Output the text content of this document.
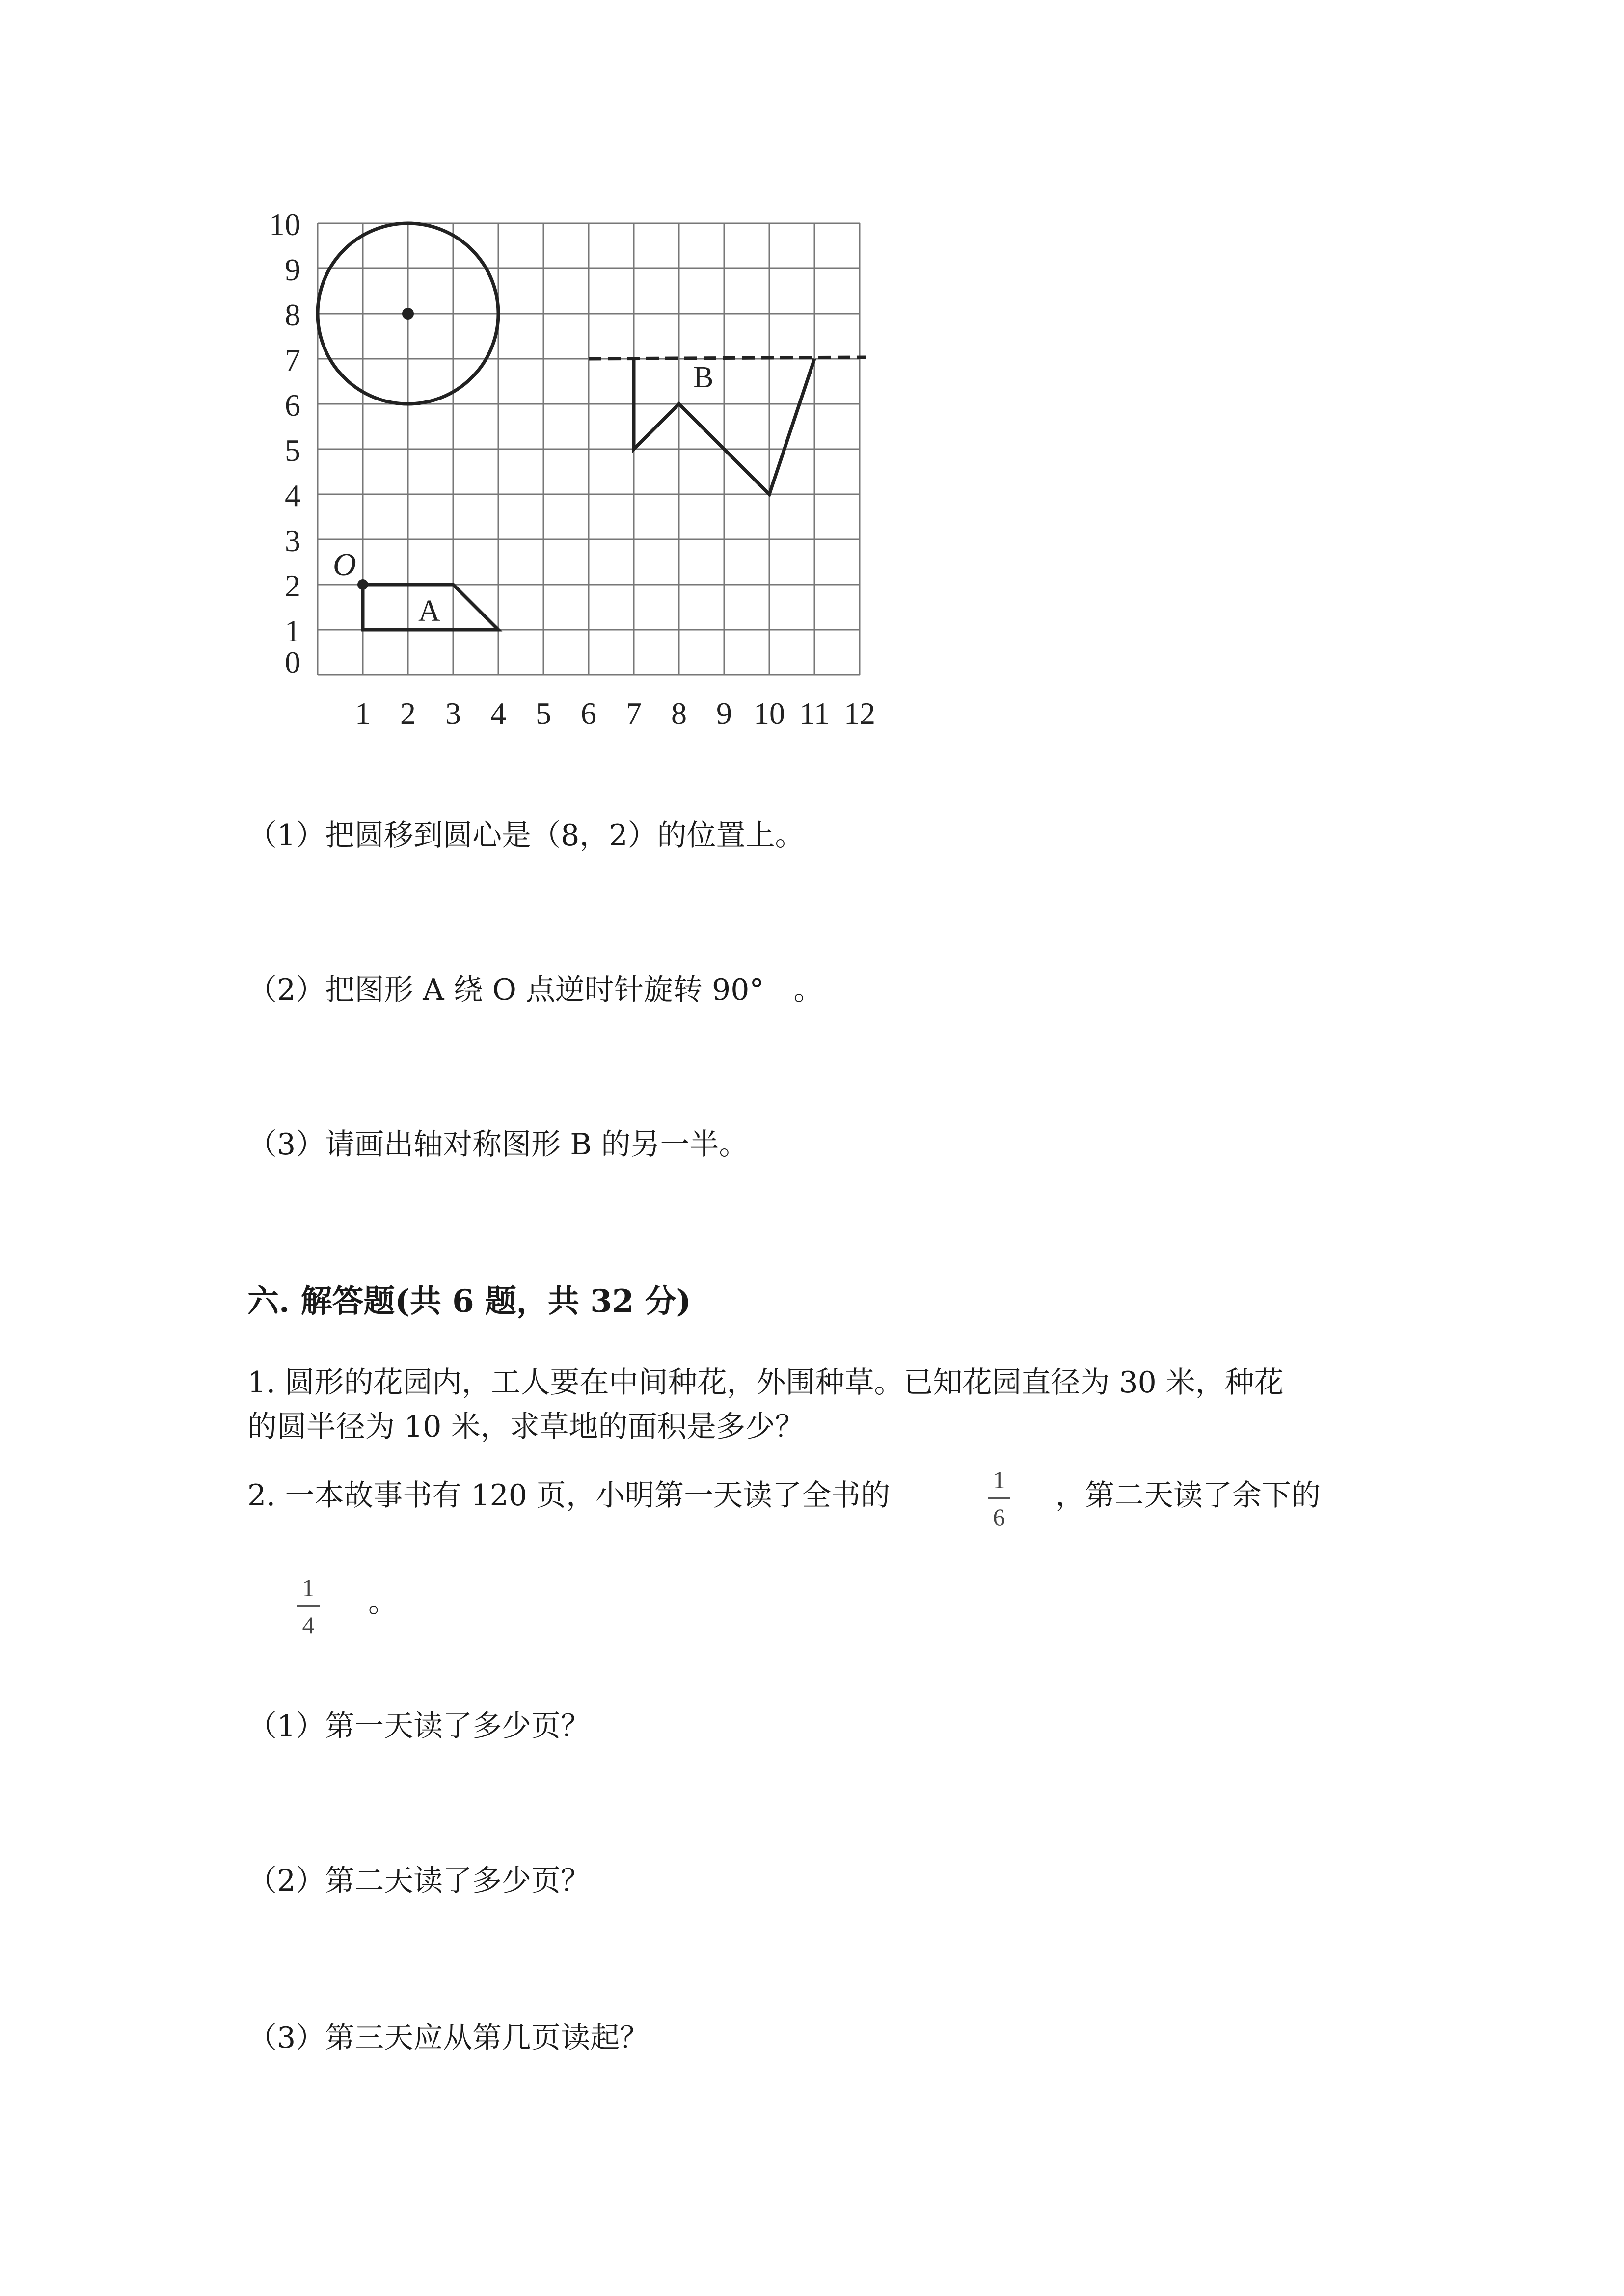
1 2 3 4 5 6 7 8 9 10 11 12
0
1
2
3
4
5
6
7
8
9
10
O
A
B
（1）把圆移到圆心是（8，2）的位置上。
（2）把图形 A 绕 O 点逆时针旋转 90°　。
（3）请画出轴对称图形 B 的另一半。
六. 解答题(共 6 题，共 32 分)
1. 圆形的花园内，工人要在中间种花，外围种草。已知花园直径为 30 米，种花
的圆半径为 10 米，求草地的面积是多少？
2. 一本故事书有 120 页，小明第一天读了全书的	1
6
，第二天读了余下的
1
4
。
（1）第一天读了多少页？
（2）第二天读了多少页？
（3）第三天应从第几页读起？
